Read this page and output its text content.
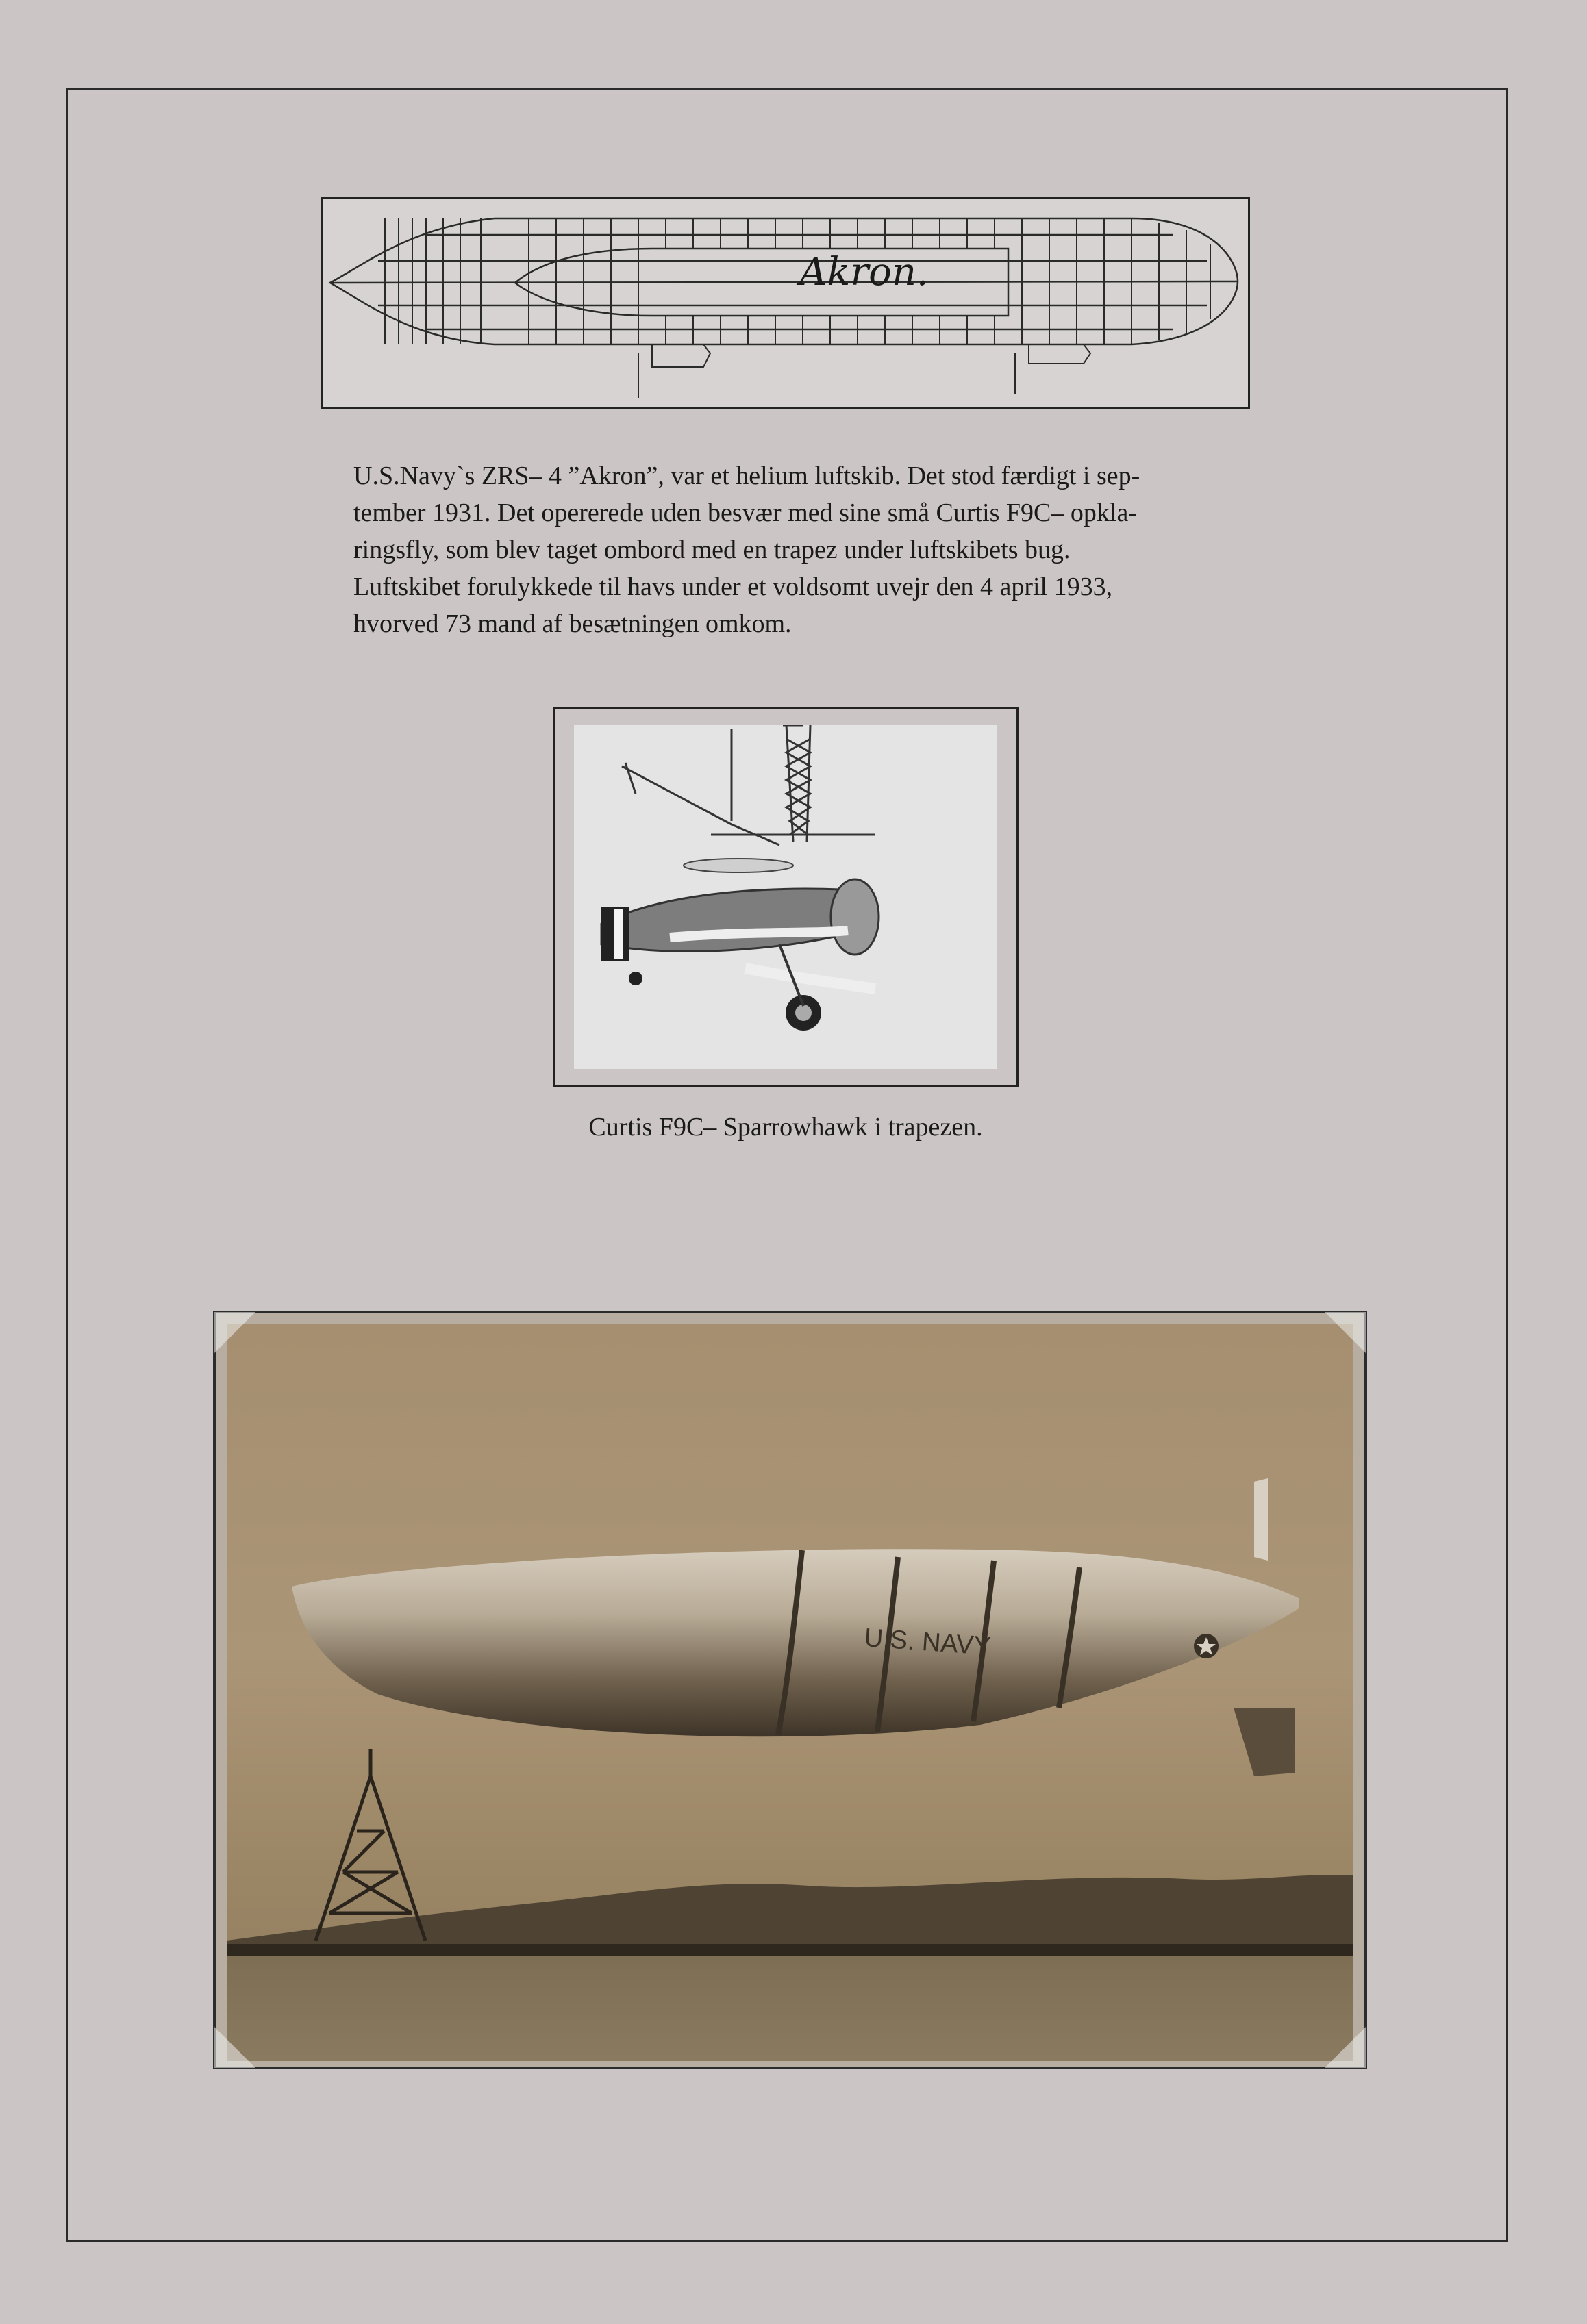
Akron.

U.S.Navy`s ZRS– 4 ”Akron”, var et helium luftskib. Det stod færdigt i sep-
tember 1931. Det opererede uden besvær med sine små Curtis F9C– opkla-
ringsfly, som blev taget ombord med en trapez under luftskibets bug.
Luftskibet forulykkede til havs under et voldsomt uvejr den 4 april 1933,
hvorved 73 mand af besætningen omkom.

Curtis F9C– Sparrowhawk i trapezen.
U.S. NAVY
